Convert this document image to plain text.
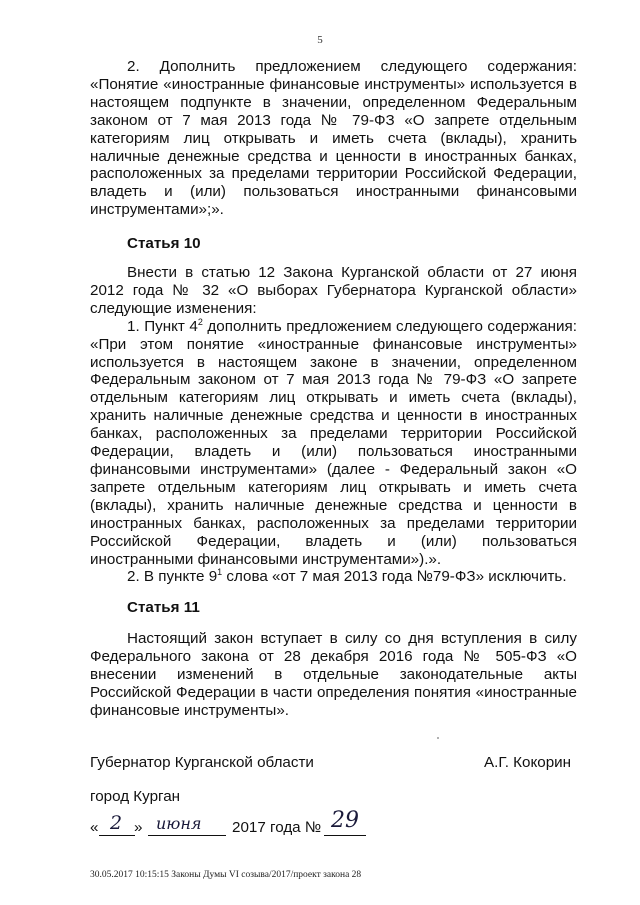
5

2. Дополнить предложением следующего содержания: «Понятие «иностранные финансовые инструменты» используется в настоящем подпункте в значении, определенном Федеральным законом от 7 мая 2013 года № 79-ФЗ «О запрете отдельным категориям лиц открывать и иметь счета (вклады), хранить наличные денежные средства и ценности в иностранных банках, расположенных за пределами территории Российской Федерации, владеть и (или) пользоваться иностранными финансовыми инструментами»;».

Статья 10

Внести в статью 12 Закона Курганской области от 27 июня 2012 года № 32 «О выборах Губернатора Курганской области» следующие изменения:

1. Пункт $4^2$ дополнить предложением следующего содержания: «При этом понятие «иностранные финансовые инструменты» используется в настоящем законе в значении, определенном Федеральным законом от 7 мая 2013 года № 79-ФЗ «О запрете отдельным категориям лиц открывать и иметь счета (вклады), хранить наличные денежные средства и ценности в иностранных банках, расположенных за пределами территории Российской Федерации, владеть и (или) пользоваться иностранными финансовыми инструментами» (далее - Федеральный закон «О запрете отдельным категориям лиц открывать и иметь счета (вклады), хранить наличные денежные средства и ценности в иностранных банках, расположенных за пределами территории Российской Федерации, владеть и (или) пользоваться иностранными финансовыми инструментами»).».

2. В пункте $9^1$ слова «от 7 мая 2013 года №79-ФЗ» исключить.

Статья 11

Настоящий закон вступает в силу со дня вступления в силу Федерального закона от 28 декабря 2016 года № 505-ФЗ «О внесении изменений в отдельные законодательные акты Российской Федерации в части определения понятия «иностранные финансовые инструменты».

Губернатор Курганской области	А.Г. Кокорин
город Курган
« 2 » июня 2017 года № 29
30.05.2017 10:15:15 Законы Думы VI созыва/2017/проект закона 28
